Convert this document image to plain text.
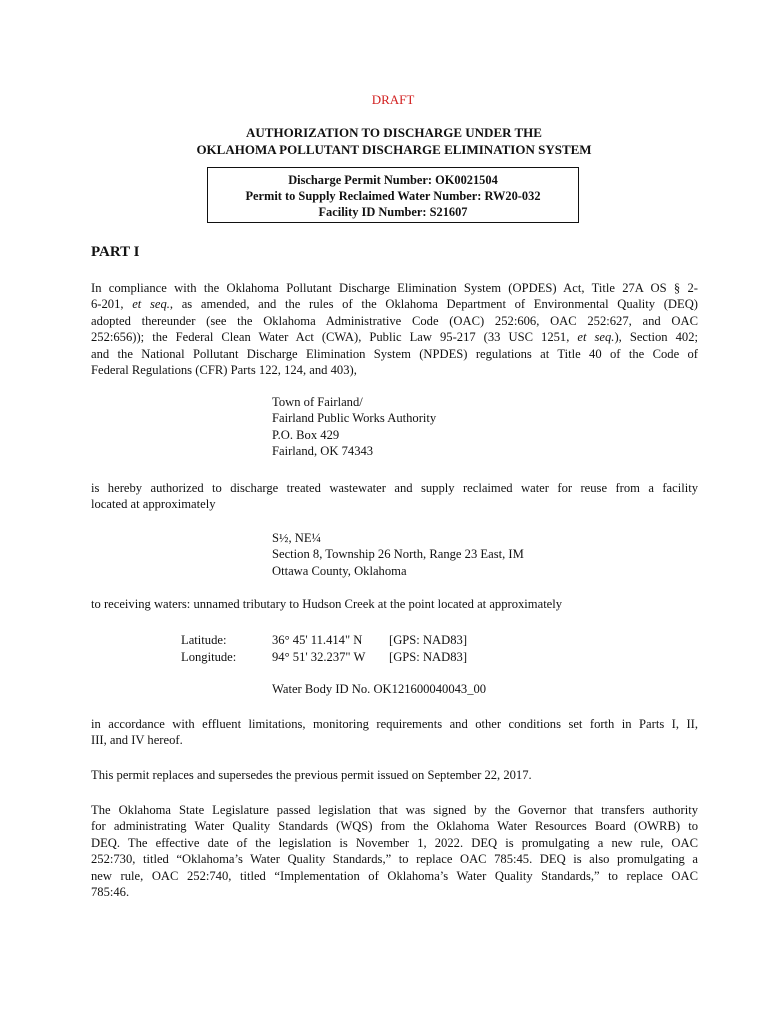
DRAFT
AUTHORIZATION TO DISCHARGE UNDER THE
OKLAHOMA POLLUTANT DISCHARGE ELIMINATION SYSTEM
Discharge Permit Number: OK0021504
Permit to Supply Reclaimed Water Number: RW20-032
Facility ID Number: S21607
PART I
In compliance with the Oklahoma Pollutant Discharge Elimination System (OPDES) Act, Title 27A OS § 2-
6-201, et seq., as amended, and the rules of the Oklahoma Department of Environmental Quality (DEQ)
adopted thereunder (see the Oklahoma Administrative Code (OAC) 252:606, OAC 252:627, and OAC
252:656)); the Federal Clean Water Act (CWA), Public Law 95-217 (33 USC 1251, et seq.), Section 402;
and the National Pollutant Discharge Elimination System (NPDES) regulations at Title 40 of the Code of
Federal Regulations (CFR) Parts 122, 124, and 403),
Town of Fairland/
Fairland Public Works Authority
P.O. Box 429
Fairland, OK 74343
is hereby authorized to discharge treated wastewater and supply reclaimed water for reuse from a facility
located at approximately
S½, NE¼
Section 8, Township 26 North, Range 23 East, IM
Ottawa County, Oklahoma
to receiving waters: unnamed tributary to Hudson Creek at the point located at approximately
Latitude:	36° 45' 11.414" N [GPS: NAD83]
Longitude:	94° 51' 32.237" W [GPS: NAD83]
Water Body ID No. OK121600040043_00
in accordance with effluent limitations, monitoring requirements and other conditions set forth in Parts I, II,
III, and IV hereof.
This permit replaces and supersedes the previous permit issued on September 22, 2017.
The Oklahoma State Legislature passed legislation that was signed by the Governor that transfers authority
for administrating Water Quality Standards (WQS) from the Oklahoma Water Resources Board (OWRB) to
DEQ. The effective date of the legislation is November 1, 2022. DEQ is promulgating a new rule, OAC
252:730, titled “Oklahoma’s Water Quality Standards,” to replace OAC 785:45. DEQ is also promulgating a
new rule, OAC 252:740, titled “Implementation of Oklahoma’s Water Quality Standards,” to replace OAC
785:46.
